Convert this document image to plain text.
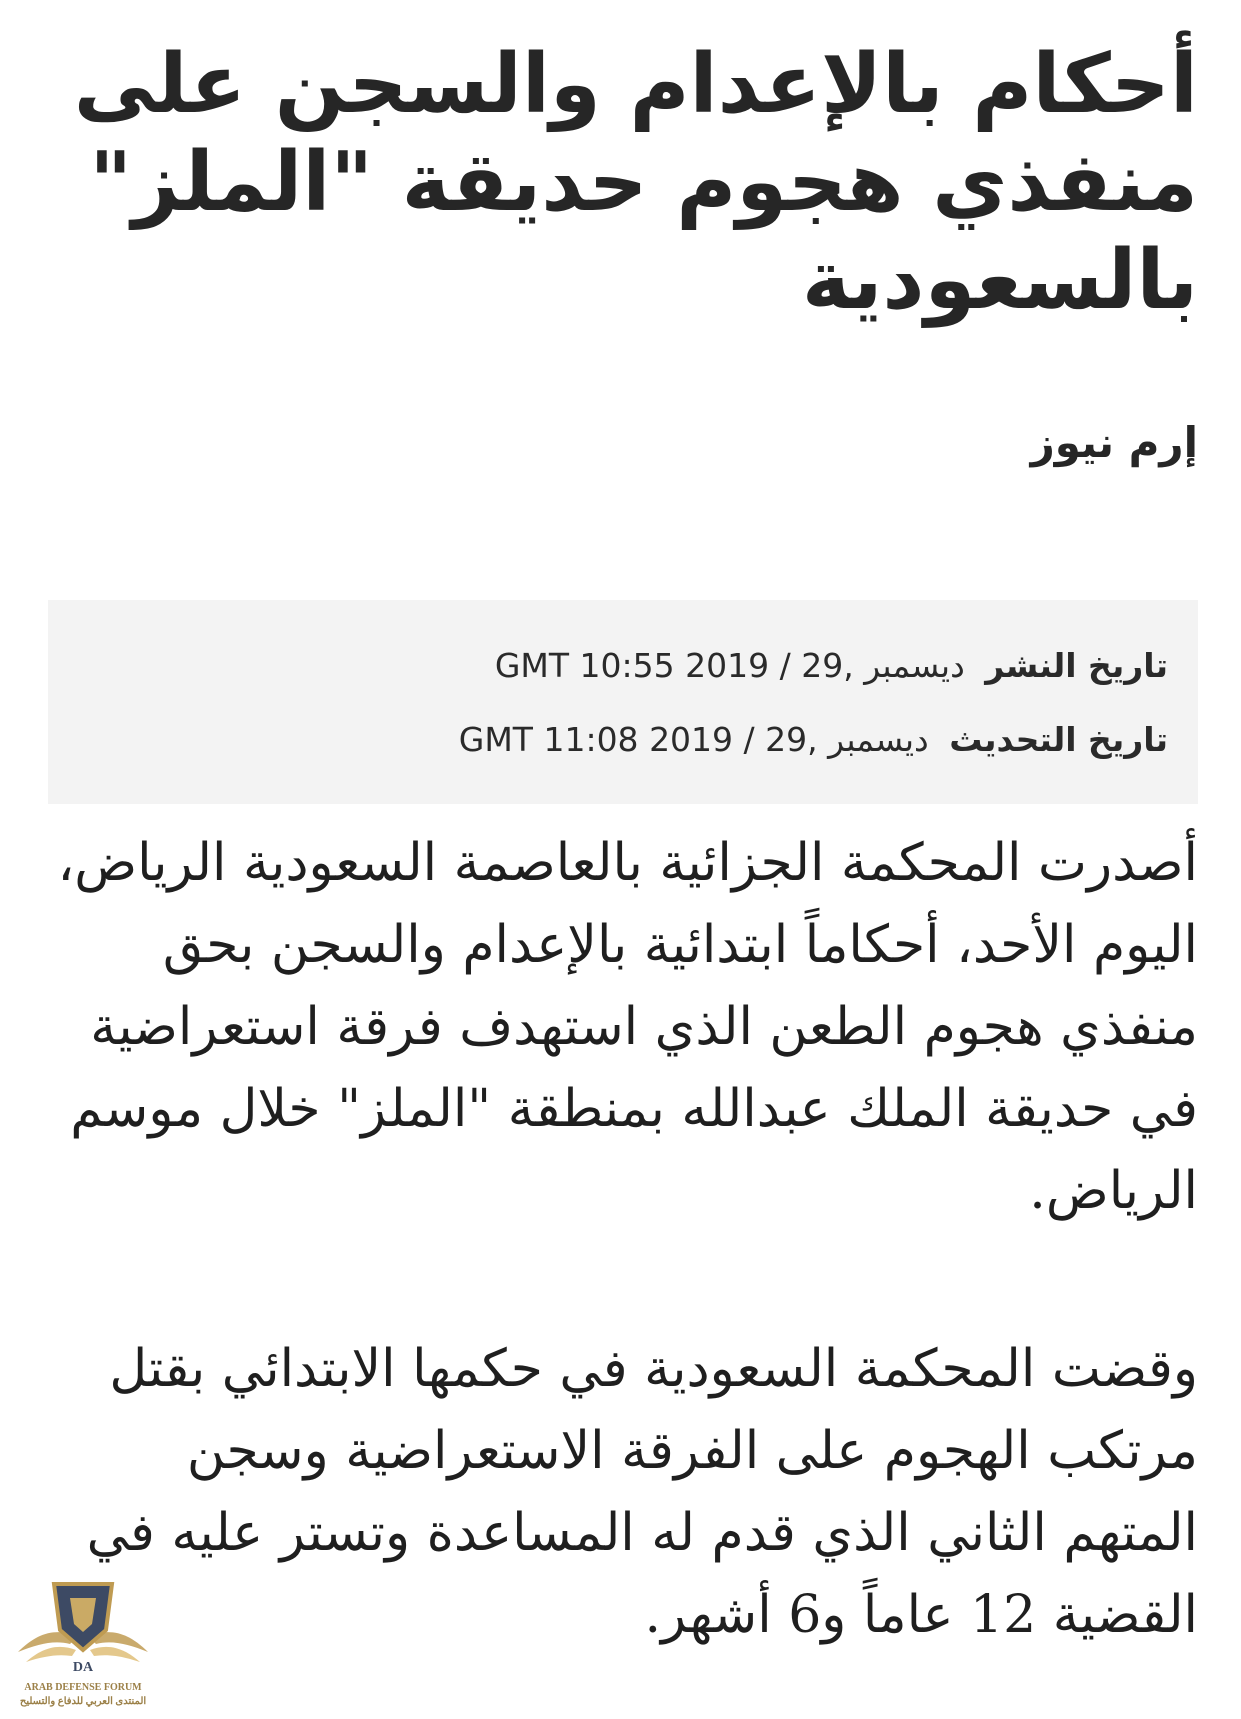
أحكام بالإعدام والسجن على منفذي هجوم حديقة "الملز" بالسعودية
إرم نيوز
تاريخ النشر ديسمبر ,29 / 2019 10:55 GMT
تاريخ التحديث ديسمبر ,29 / 2019 11:08 GMT

أصدرت المحكمة الجزائية بالعاصمة السعودية الرياض، اليوم الأحد، أحكاماً ابتدائية بالإعدام والسجن بحق منفذي هجوم الطعن الذي استهدف فرقة استعراضية في حديقة الملك عبدالله بمنطقة "الملز" خلال موسم الرياض.

وقضت المحكمة السعودية في حكمها الابتدائي بقتل مرتكب الهجوم على الفرقة الاستعراضية وسجن المتهم الثاني الذي قدم له المساعدة وتستر عليه في القضية 12 عاماً و6 أشهر.

DA
ARAB DEFENSE FORUM
المنتدى العربي للدفاع والتسليح
